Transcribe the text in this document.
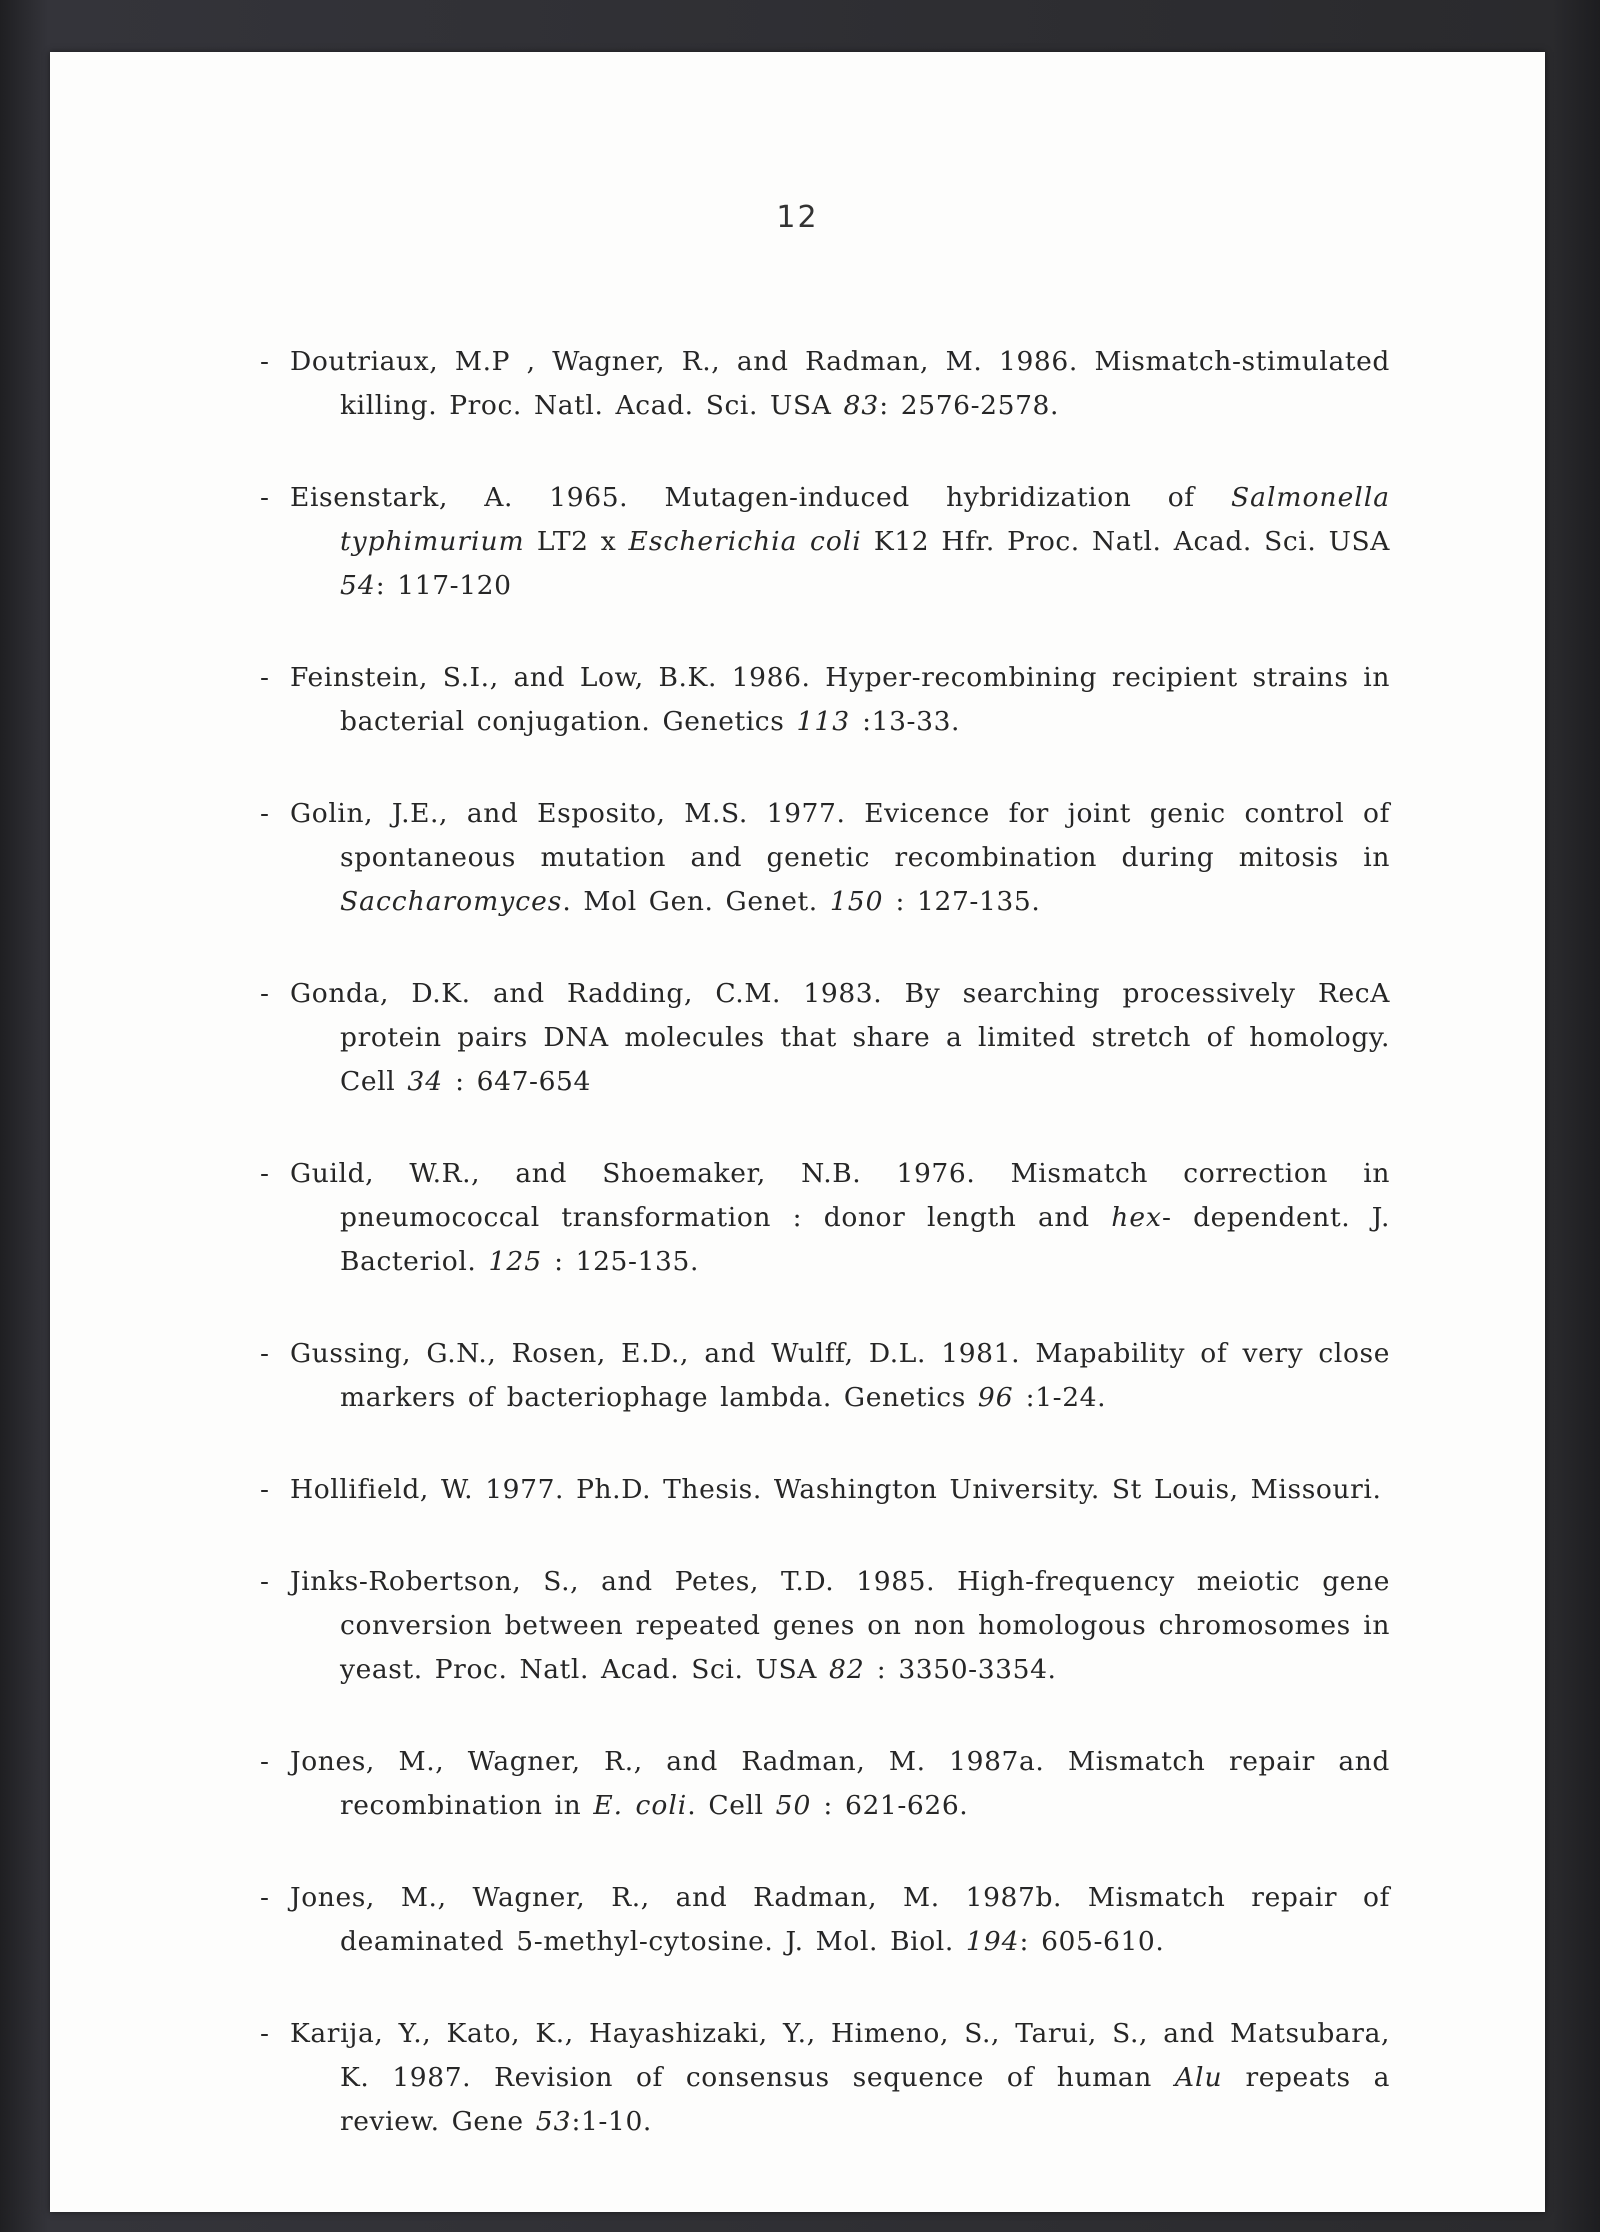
12

- Doutriaux, M.P , Wagner, R., and Radman, M. 1986. Mismatch-stimulated killing. Proc. Natl. Acad. Sci. USA 83: 2576-2578.

- Eisenstark, A. 1965. Mutagen-induced hybridization of Salmonella typhimurium LT2 x Escherichia coli K12 Hfr. Proc. Natl. Acad. Sci. USA 54: 117-120

- Feinstein, S.I., and Low, B.K. 1986. Hyper-recombining recipient strains in bacterial conjugation. Genetics 113 :13-33.

- Golin, J.E., and Esposito, M.S. 1977. Evicence for joint genic control of spontaneous mutation and genetic recombination during mitosis in Saccharomyces. Mol Gen. Genet. 150 : 127-135.

- Gonda, D.K. and Radding, C.M. 1983. By searching processively RecA protein pairs DNA molecules that share a limited stretch of homology. Cell 34 : 647-654

- Guild, W.R., and Shoemaker, N.B. 1976. Mismatch correction in pneumococcal transformation : donor length and hex- dependent. J. Bacteriol. 125 : 125-135.

- Gussing, G.N., Rosen, E.D., and Wulff, D.L. 1981. Mapability of very close markers of bacteriophage lambda. Genetics 96 :1-24.

- Hollifield, W. 1977. Ph.D. Thesis. Washington University. St Louis, Missouri.

- Jinks-Robertson, S., and Petes, T.D. 1985. High-frequency meiotic gene conversion between repeated genes on non homologous chromosomes in yeast. Proc. Natl. Acad. Sci. USA 82 : 3350-3354.

- Jones, M., Wagner, R., and Radman, M. 1987a. Mismatch repair and recombination in E. coli. Cell 50 : 621-626.

- Jones, M., Wagner, R., and Radman, M. 1987b. Mismatch repair of deaminated 5-methyl-cytosine. J. Mol. Biol. 194: 605-610.

- Karija, Y., Kato, K., Hayashizaki, Y., Himeno, S., Tarui, S., and Matsubara, K. 1987. Revision of consensus sequence of human Alu repeats a review. Gene 53:1-10.
